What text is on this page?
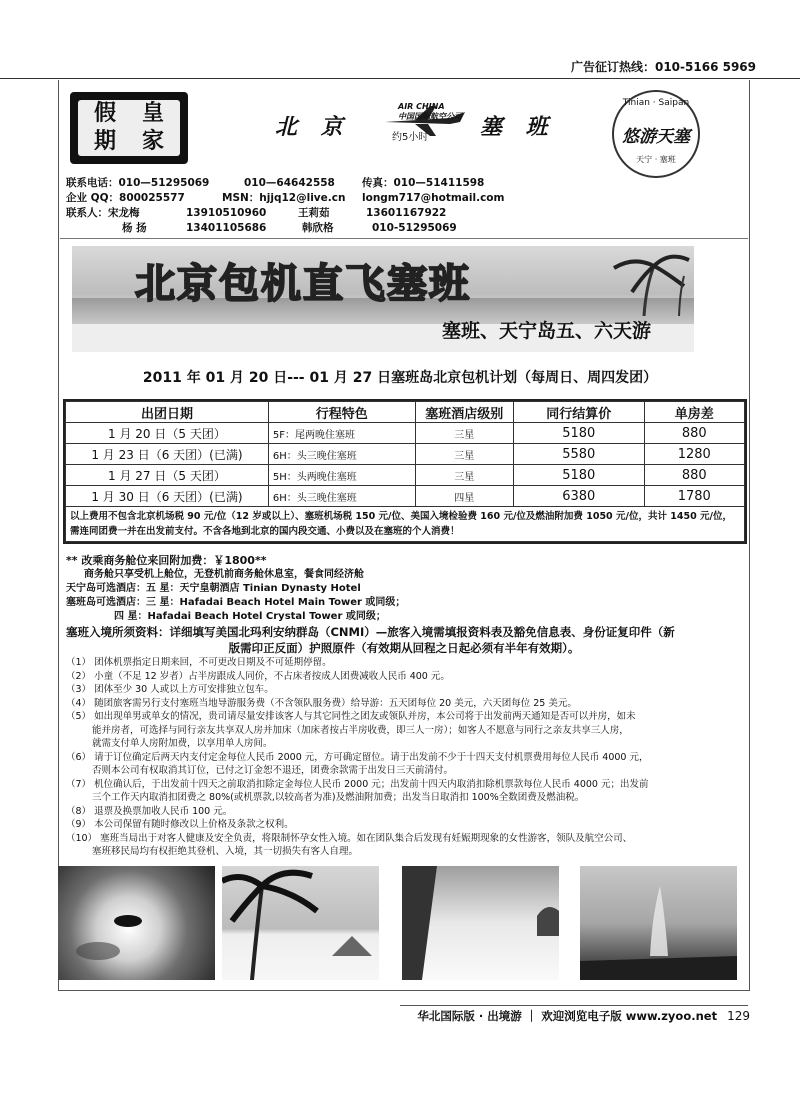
广告征订热线：010-5166 5969
假	皇
期	家
北 京	塞 班
AIR CHINA
中国国际航空公司
约5小时
Tinian · Saipan
悠游天塞
天宁 · 塞班
联系电话：010—51295069	010—64642558	传真：010—51411598
企业 QQ：800025577	MSN：hjjq12@live.cn longm717@hotmail.com
联系人：宋龙梅	13910510960	王莉茹	13601167922
杨 扬	13401105686	韩欣格	010-51295069
北京包机直飞塞班
塞班、天宁岛五、六天游
2011 年 01 月 20 日--- 01 月 27 日塞班岛北京包机计划（每周日、周四发团）
出团日期	行程特色	塞班酒店级别	同行结算价	单房差
1 月 20 日（5 天团）	5F：尾两晚住塞班	三星	5180	880
1 月 23 日（6 天团）(已满)	6H：头三晚住塞班	三星	5580	1280
1 月 27 日（5 天团）	5H：头两晚住塞班	三星	5180	880
1 月 30 日（6 天团）(已满)	6H：头三晚住塞班	四星	6380	1780
以上费用不包含北京机场税 90 元/位（12 岁或以上）、塞班机场税 150 元/位、美国入境检验费 160 元/位及燃油附加费 1050 元/位，共计 1450 元/位，需连同团费一并在出发前支付。不含各地到北京的国内段交通、小费以及在塞班的个人消费！				

** 改乘商务舱位来回附加费：￥1800**

商务舱只享受机上舱位，无登机前商务舱休息室，餐食同经济舱

天宁岛可选酒店：五 星：天宁皇朝酒店 Tinian Dynasty Hotel

塞班岛可选酒店：三 星：Hafadai Beach Hotel Main Tower 或同级；

四 星：Hafadai Beach Hotel Crystal Tower 或同级；

塞班入境所须资料：详细填写美国北玛利安纳群岛（CNMI）—旅客入境需填报资料表及豁免信息表、身份证复印件（新

版需印正反面）护照原件（有效期从回程之日起必须有半年有效期）。

（1） 团体机票指定日期来回，不可更改日期及不可延期停留。

（2） 小童（不足 12 岁者）占半房跟成人同价，不占床者按成人团费减收人民币 400 元。

（3） 团体至少 30 人或以上方可安排独立包车。

（4） 随团旅客需另行支付塞班当地导游服务费（不含领队服务费）给导游：五天团每位 20 美元，六天团每位 25 美元。

（5） 如出现单男或单女的情况，贵司请尽量安排该客人与其它同性之团友或领队并房，本公司将于出发前两天通知是否可以并房，如未

能并房者，可选择与同行亲友共享双人房并加床（加床者按占半房收费，即三人一房）；如客人不愿意与同行之亲友共享三人房，

就需支付单人房附加费，以享用单人房间。

（6） 请于订位确定后两天内支付定金每位人民币 2000 元，方可确定留位。请于出发前不少于十四天支付机票费用每位人民币 4000 元，

否则本公司有权取消其订位，已付之订金恕不退还，团费余款需于出发日三天前清付。

（7） 机位确认后，于出发前十四天之前取消扣除定金每位人民币 2000 元；出发前十四天内取消扣除机票款每位人民币 4000 元；出发前

三个工作天内取消扣团费之 80%(或机票款,以较高者为准)及燃油附加费；出发当日取消扣 100%全数团费及燃油税。

（8） 退票及换票加收人民币 100 元。

（9） 本公司保留有随时修改以上价格及条款之权利。

（10） 塞班当局出于对客人健康及安全负责，将限制怀孕女性入境。如在团队集合后发现有妊娠期现象的女性游客，领队及航空公司、

塞班移民局均有权拒绝其登机、入境，其一切损失有客人自理。

华北国际版 · 出境游 ｜ 欢迎浏览电子版 www.zyoo.net 129
